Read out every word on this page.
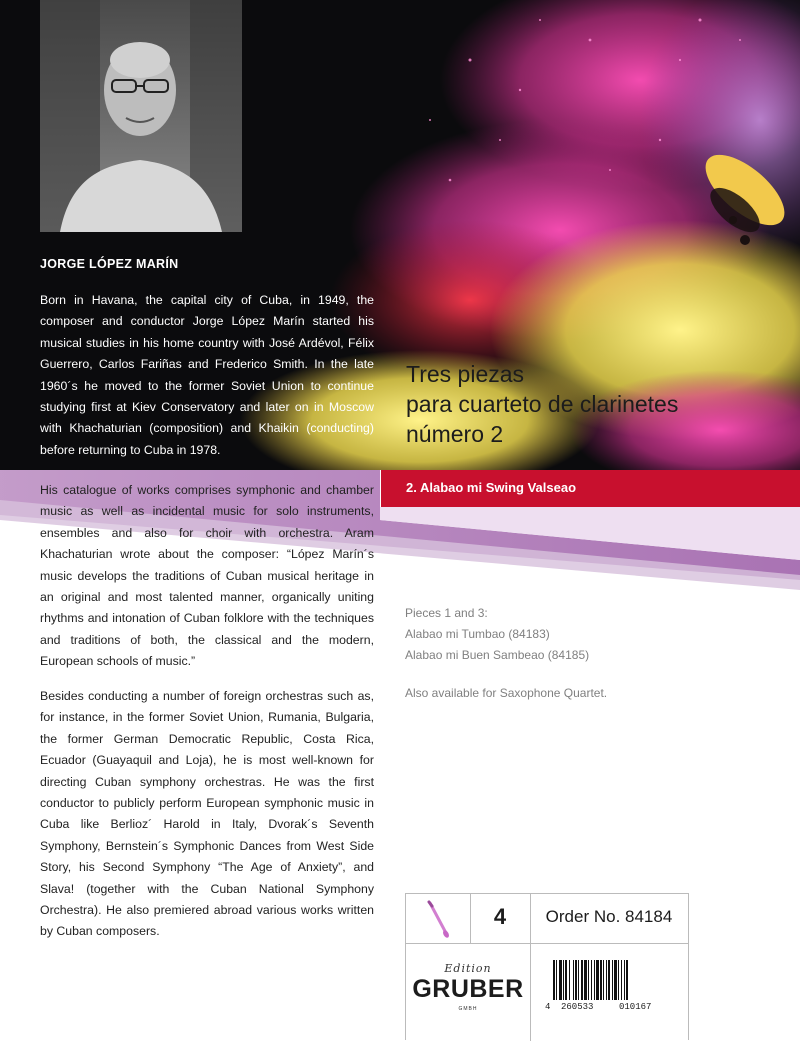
JORGE LÓPEZ MARÍN

Born in Havana, the capital city of Cuba, in 1949, the composer and conductor Jorge López Marín started his musical studies in his home country with José Ardévol, Félix Guerrero, Carlos Fariñas and Frederico Smith. In the late 1960´s he moved to the former Soviet Union to continue studying first at Kiev Conservatory and later on in Moscow with Khachaturian (composition) and Khaikin (conducting) before returning to Cuba in 1978.

His catalogue of works comprises symphonic and chamber music as well as incidental music for solo instruments, ensembles and also for choir with orchestra. Aram Khachaturian wrote about the composer: “López Marín´s music develops the traditions of Cuban musical heritage in an original and most talented manner, organically uniting rhythms and intonation of Cuban folklore with the techniques and traditions of both, the classical and the modern, European schools of music.”

Besides conducting a number of foreign orchestras such as, for instance, in the former Soviet Union, Rumania, Bulgaria, the former German Democratic Republic, Costa Rica, Ecuador (Guayaquil and Loja), he is most well-known for directing Cuban symphony orchestras. He was the first conductor to publicly perform European symphonic music in Cuba like Berlioz´ Harold in Italy, Dvorak´s Seventh Symphony, Bernstein´s Symphonic Dances from West Side Story, his Second Symphony “The Age of Anxiety”, and Slava! (together with the Cuban National Symphony Orchestra). He also premiered abroad various works written by Cuban composers.

Tres piezas
para cuarteto de clarinetes
número 2
2. Alabao mi Swing Valseao
Pieces 1 and 3:
Alabao mi Tumbao (84183)
Alabao mi Buen Sambeao (84185)
Also available for Saxophone Quartet.
4	Order No. 84184
Edition
GRUBER
GMBH	4 260533	010167
